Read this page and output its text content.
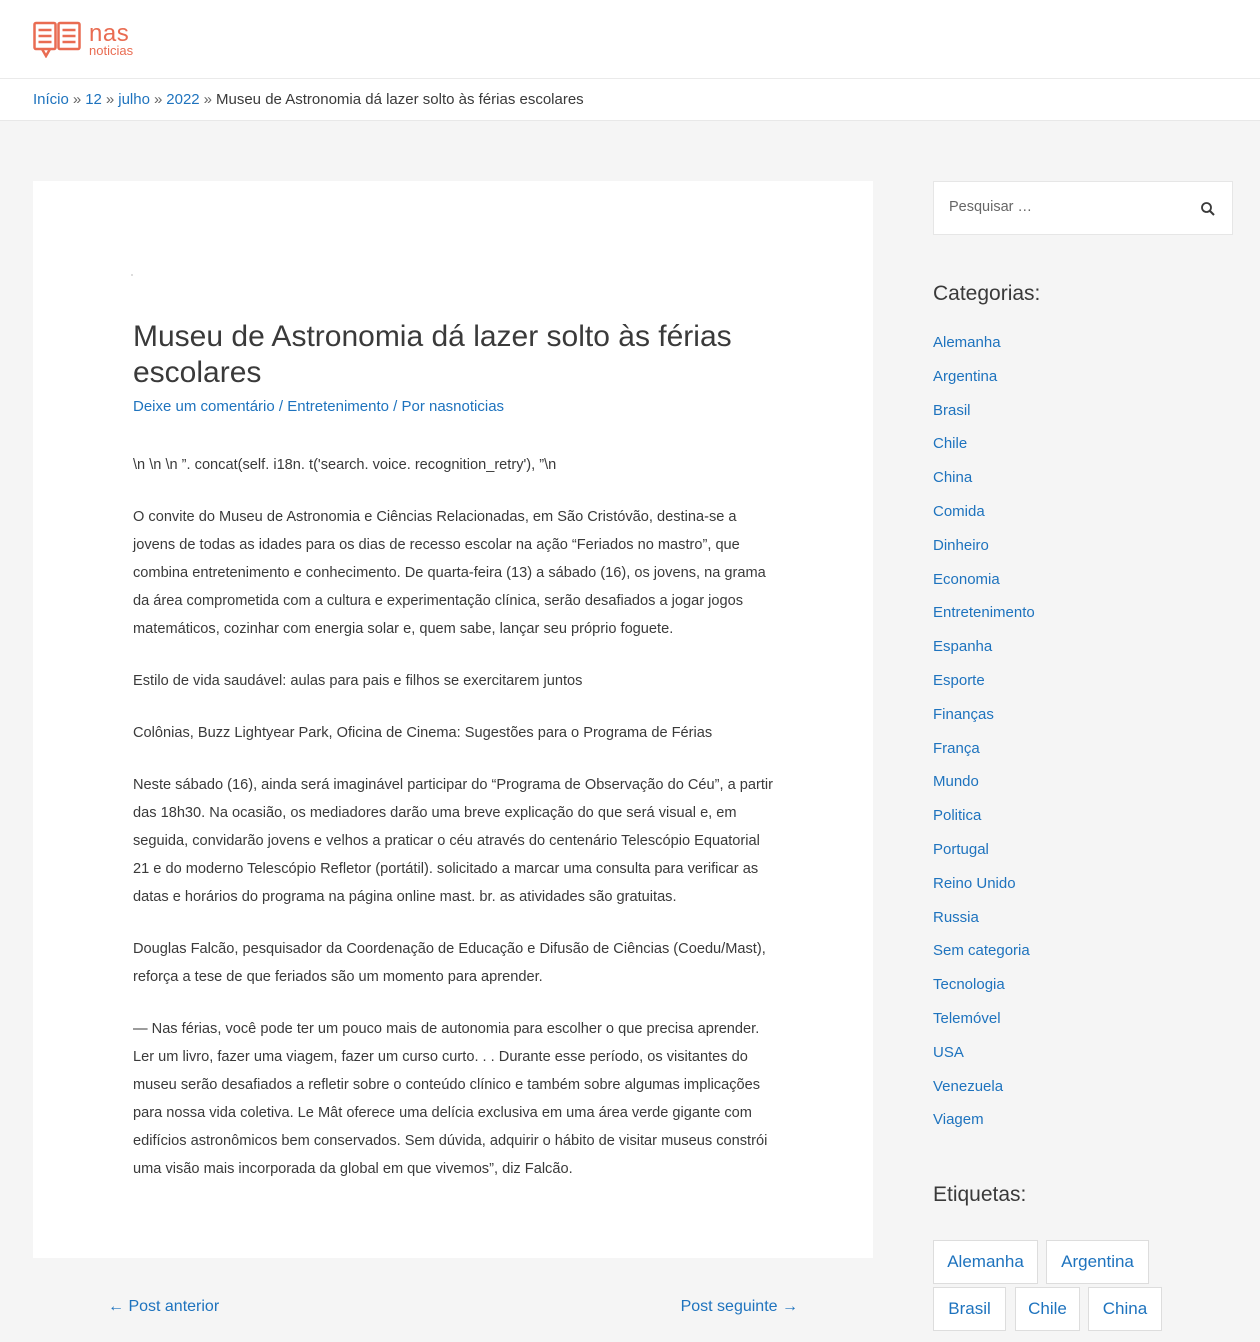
nas
noticias
Início » 12 » julho » 2022 » Museu de Astronomia dá lazer solto às férias escolares
Museu de Astronomia dá lazer solto às férias escolares
Deixe um comentário / Entretenimento / Por nasnoticias

\n \n \n ”. concat(self. i18n. t('search. voice. recognition_retry'), ”\n

O convite do Museu de Astronomia e Ciências Relacionadas, em São Cristóvão, destina-se a jovens de todas as idades para os dias de recesso escolar na ação “Feriados no mastro”, que combina entretenimento e conhecimento. De quarta-feira (13) a sábado (16), os jovens, na grama da área comprometida com a cultura e experimentação clínica, serão desafiados a jogar jogos matemáticos, cozinhar com energia solar e, quem sabe, lançar seu próprio foguete.

Estilo de vida saudável: aulas para pais e filhos se exercitarem juntos

Colônias, Buzz Lightyear Park, Oficina de Cinema: Sugestões para o Programa de Férias

Neste sábado (16), ainda será imaginável participar do “Programa de Observação do Céu”, a partir das 18h30. Na ocasião, os mediadores darão uma breve explicação do que será visual e, em seguida, convidarão jovens e velhos a praticar o céu através do centenário Telescópio Equatorial 21 e do moderno Telescópio Refletor (portátil). solicitado a marcar uma consulta para verificar as datas e horários do programa na página online mast. br. as atividades são gratuitas.

Douglas Falcão, pesquisador da Coordenação de Educação e Difusão de Ciências (Coedu/Mast), reforça a tese de que feriados são um momento para aprender.

— Nas férias, você pode ter um pouco mais de autonomia para escolher o que precisa aprender. Ler um livro, fazer uma viagem, fazer um curso curto. . . Durante esse período, os visitantes do museu serão desafiados a refletir sobre o conteúdo clínico e também sobre algumas implicações para nossa vida coletiva. Le Mât oferece uma delícia exclusiva em uma área verde gigante com edifícios astronômicos bem conservados. Sem dúvida, adquirir o hábito de visitar museus constrói uma visão mais incorporada da global em que vivemos”, diz Falcão.

← Post anterior	Post seguinte →
Pesquisar …
Categorias:
Alemanha
Argentina
Brasil
Chile
China
Comida
Dinheiro
Economia
Entretenimento
Espanha
Esporte
Finanças
França
Mundo
Politica
Portugal
Reino Unido
Russia
Sem categoria
Tecnologia
Telemóvel
USA
Venezuela
Viagem
Etiquetas:
Alemanha	Argentina
Brasil	Chile	China
